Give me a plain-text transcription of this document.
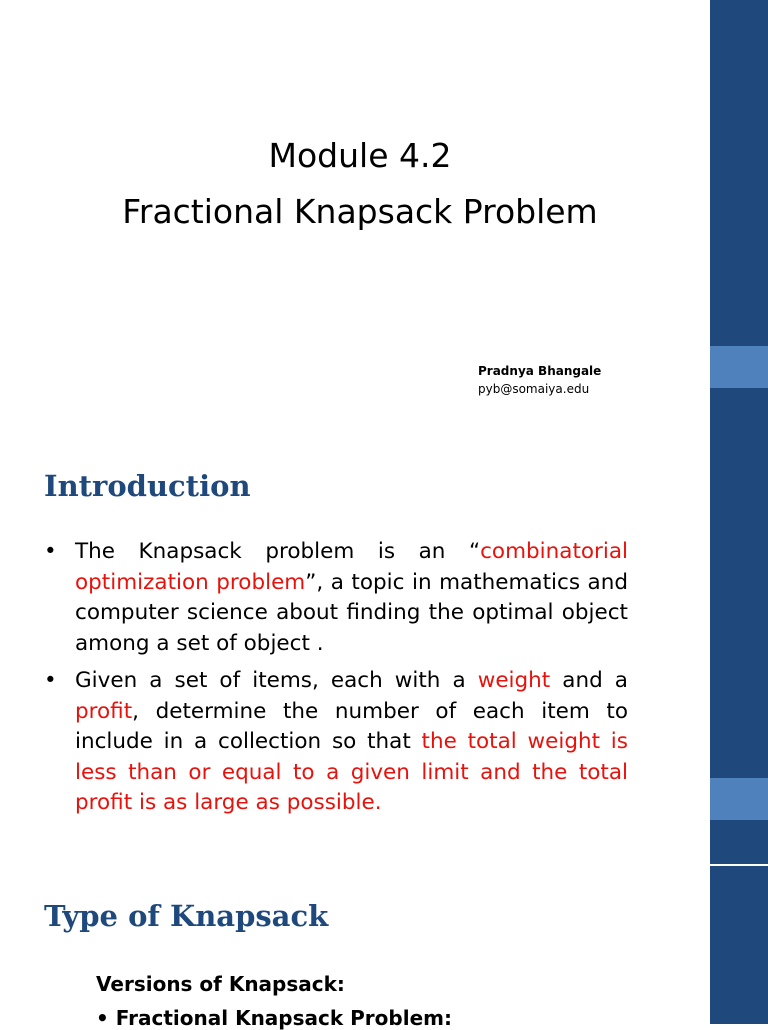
Module 4.2
Fractional Knapsack Problem
Pradnya Bhangale
pyb@somaiya.edu
Introduction
• The Knapsack problem is an “combinatorial optimization problem”, a topic in mathematics and computer science about finding the optimal object among a set of object .
• Given a set of items, each with a weight and a profit, determine the number of each item to include in a collection so that the total weight is less than or equal to a given limit and the total profit is as large as possible.
Type of Knapsack
Versions of Knapsack:
• Fractional Knapsack Problem:
